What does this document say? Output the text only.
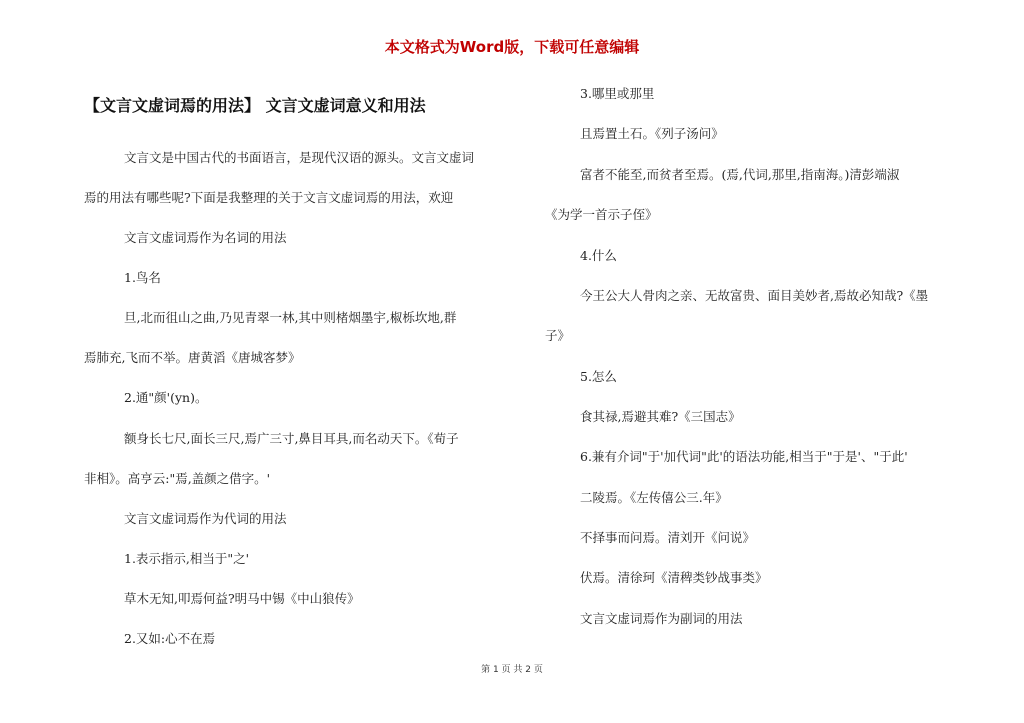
本文格式为Word版，下载可任意编辑
【文言文虚词焉的用法】 文言文虚词意义和用法
文言文是中国古代的书面语言，是现代汉语的源头。文言文虚词
焉的用法有哪些呢?下面是我整理的关于文言文虚词焉的用法，欢迎
文言文虚词焉作为名词的用法
1.鸟名
旦,北而徂山之曲,乃见青翠一林,其中则楮烟墨宇,椒栎坎地,群
焉肺充,飞而不举。唐黄滔《唐城客梦》
2.通"颜'(yn)。
额身长七尺,面长三尺,焉广三寸,鼻目耳具,而名动天下。《荀子
非相》。高亨云:"焉,盖颜之借字。'
文言文虚词焉作为代词的用法
1.表示指示,相当于"之'
草木无知,叩焉何益?明马中锡《中山狼传》
2.又如:心不在焉
3.哪里或那里
且焉置土石。《列子汤问》
富者不能至,而贫者至焉。(焉,代词,那里,指南海。)清彭端淑
《为学一首示子侄》
4.什么
今王公大人骨肉之亲、无故富贵、面目美妙者,焉故必知哉?《墨
子》
5.怎么
食其禄,焉避其难?《三国志》
6.兼有介词"于'加代词"此'的语法功能,相当于"于是'、"于此'
二陵焉。《左传僖公三.年》
不择事而问焉。清刘开《问说》
伏焉。清徐珂《清稗类钞战事类》
文言文虚词焉作为副词的用法
第 1 页 共 2 页
